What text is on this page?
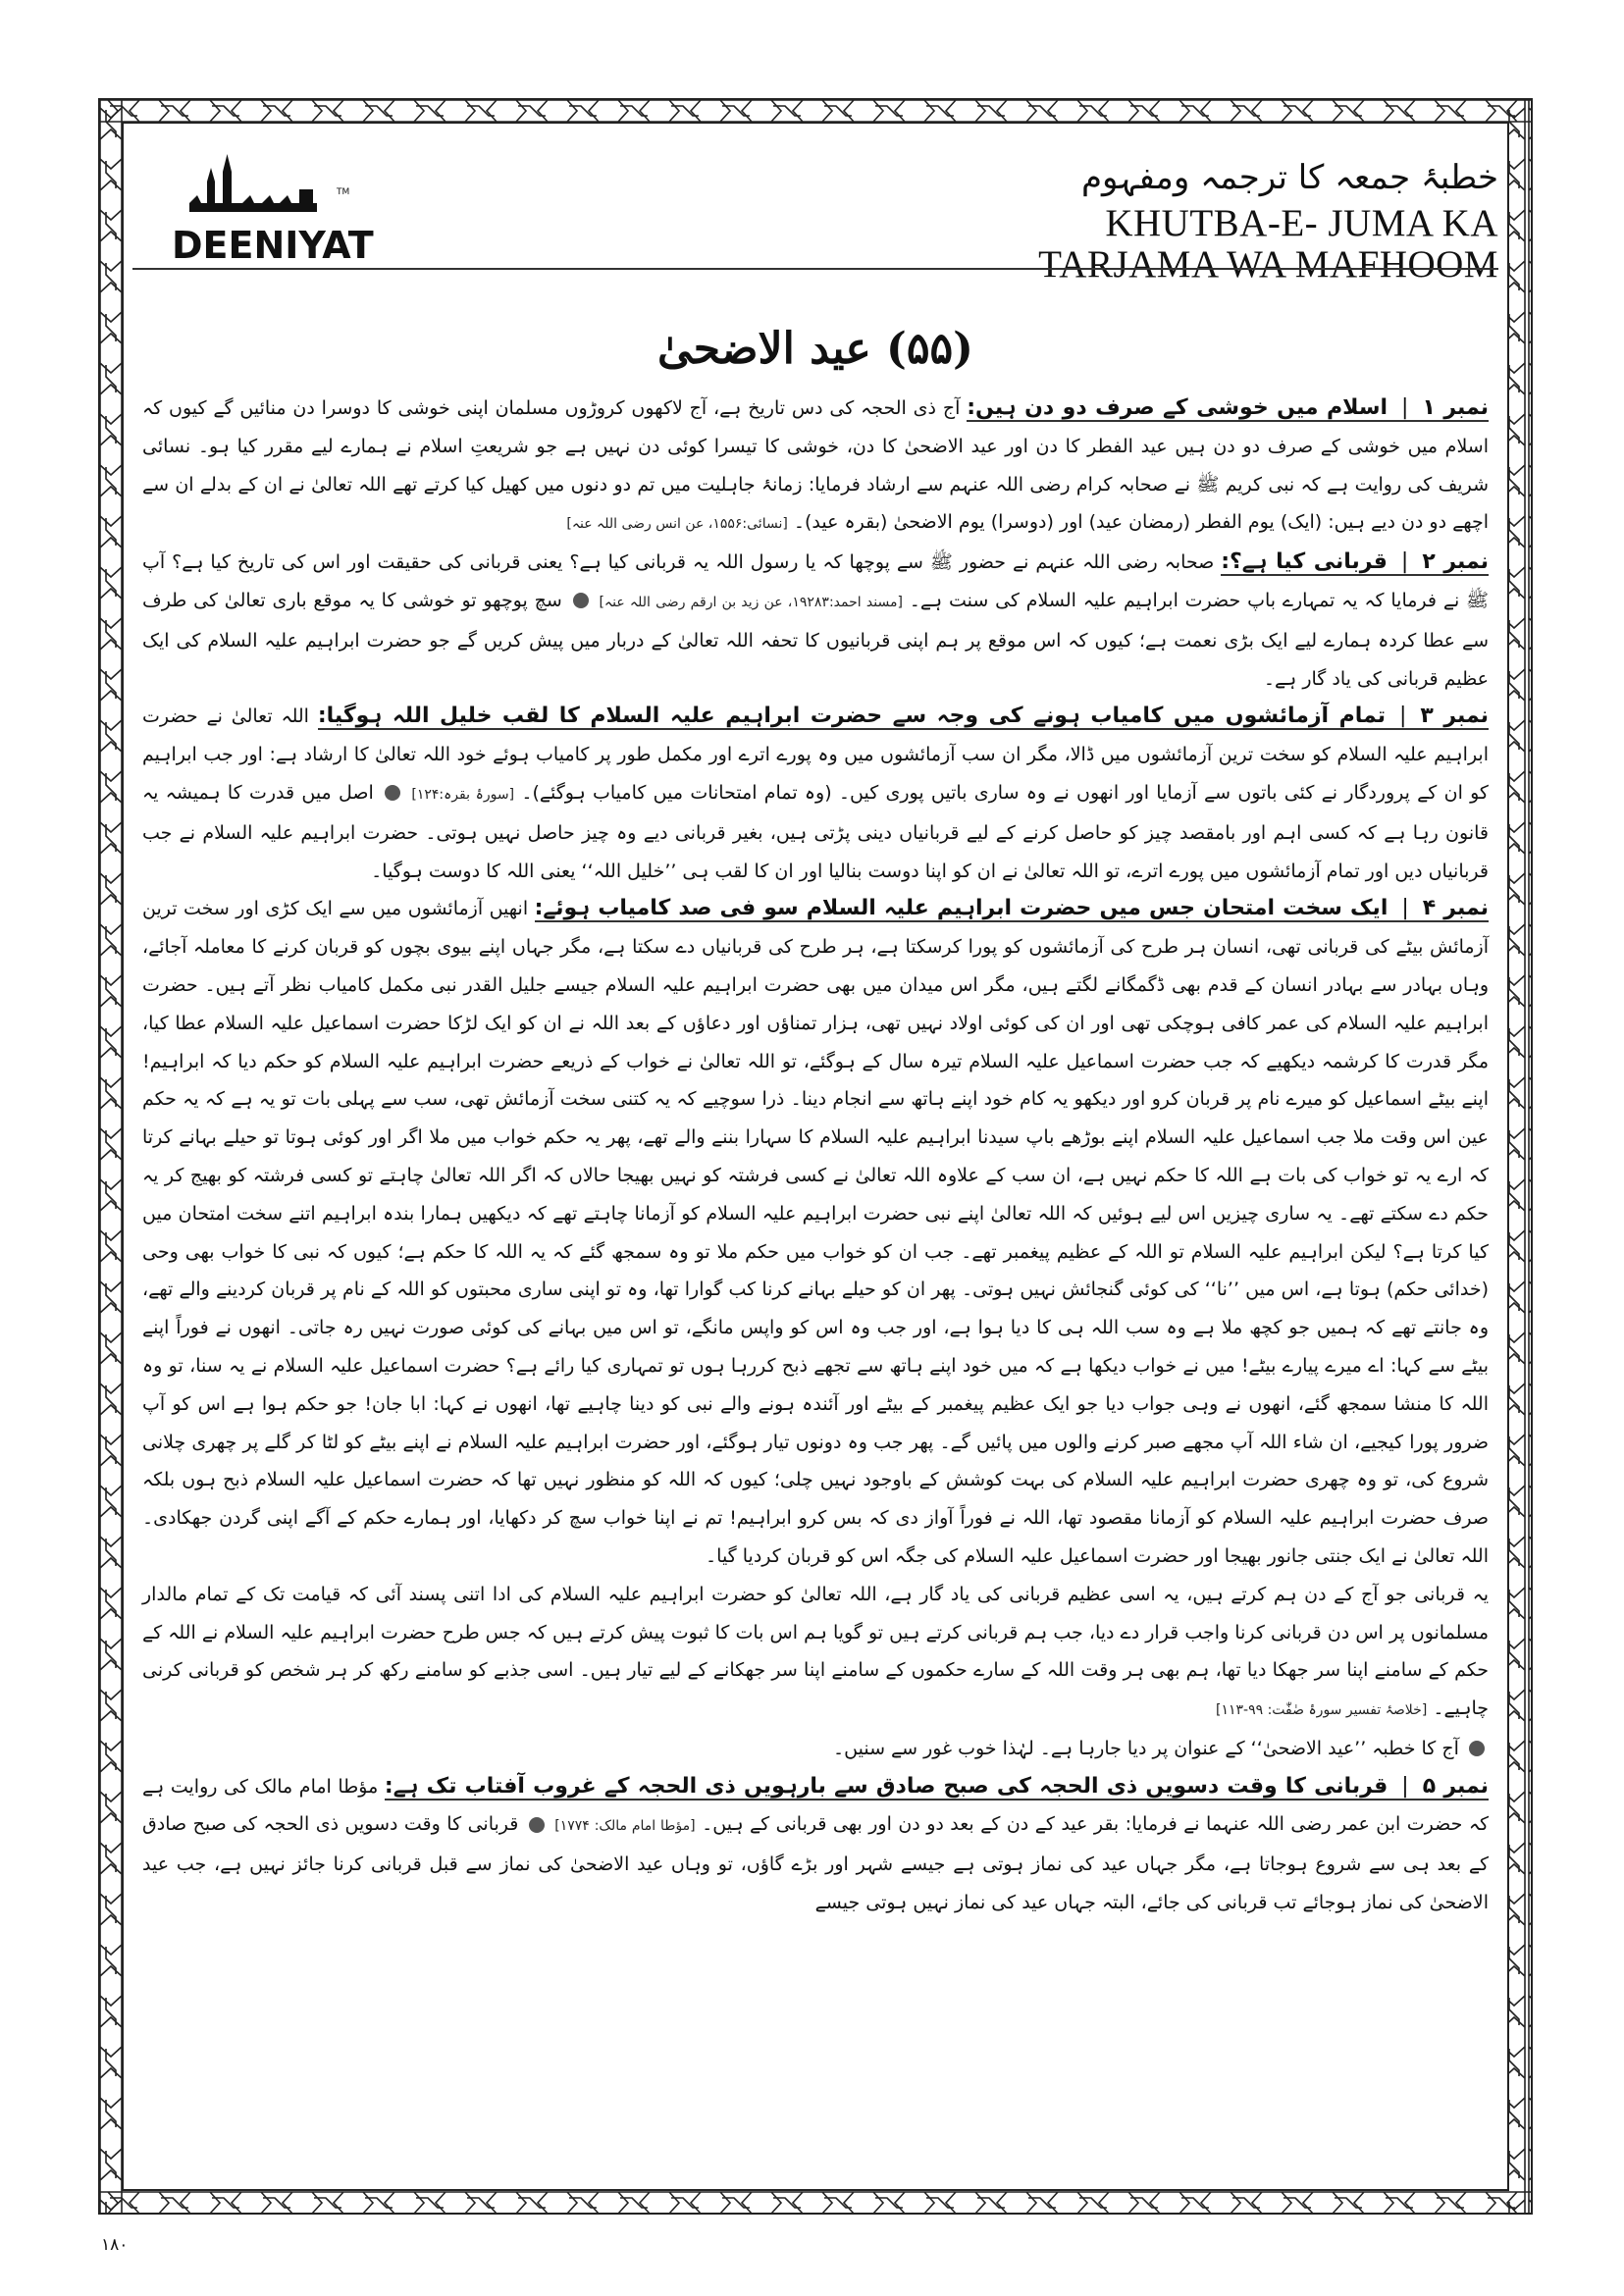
TM
DEENIYAT
خطبۂ جمعہ کا ترجمہ ومفہوم
KHUTBA-E- JUMA KA
TARJAMA WA MAFHOOM
(۵۵) عید الاضحیٰ

نمبر ۱|اسلام میں خوشی کے صرف دو دن ہیں: آج ذی الحجہ کی دس تاریخ ہے، آج لاکھوں کروڑوں مسلمان اپنی خوشی کا دوسرا دن منائیں گے کیوں کہ اسلام میں خوشی کے صرف دو دن ہیں عید الفطر کا دن اور عید الاضحیٰ کا دن، خوشی کا تیسرا کوئی دن نہیں ہے جو شریعتِ اسلام نے ہمارے لیے مقرر کیا ہو۔ نسائی شریف کی روایت ہے کہ نبی کریم ﷺ نے صحابہ کرام رضی اللہ عنہم سے ارشاد فرمایا: زمانۂ جاہلیت میں تم دو دنوں میں کھیل کیا کرتے تھے اللہ تعالیٰ نے ان کے بدلے ان سے اچھے دو دن دیے ہیں: (ایک) یوم الفطر (رمضان عید) اور (دوسرا) یوم الاضحیٰ (بقرہ عید)۔ [نسائی:۱۵۵۶، عن انس رضی اللہ عنہ]

نمبر ۲|قربانی کیا ہے؟: صحابہ رضی اللہ عنہم نے حضور ﷺ سے پوچھا کہ یا رسول اللہ یہ قربانی کیا ہے؟ یعنی قربانی کی حقیقت اور اس کی تاریخ کیا ہے؟ آپ ﷺ نے فرمایا کہ یہ تمہارے باپ حضرت ابراہیم علیہ السلام کی سنت ہے۔ [مسند احمد:۱۹۲۸۳، عن زید بن ارقم رضی اللہ عنہ]  سچ پوچھو تو خوشی کا یہ موقع باری تعالیٰ کی طرف سے عطا کردہ ہمارے لیے ایک بڑی نعمت ہے؛ کیوں کہ اس موقع پر ہم اپنی قربانیوں کا تحفہ اللہ تعالیٰ کے دربار میں پیش کریں گے جو حضرت ابراہیم علیہ السلام کی ایک عظیم قربانی کی یاد گار ہے۔

نمبر ۳|تمام آزمائشوں میں کامیاب ہونے کی وجہ سے حضرت ابراہیم علیہ السلام کا لقب خلیل اللہ ہوگیا: اللہ تعالیٰ نے حضرت ابراہیم علیہ السلام کو سخت ترین آزمائشوں میں ڈالا، مگر ان سب آزمائشوں میں وہ پورے اترے اور مکمل طور پر کامیاب ہوئے خود اللہ تعالیٰ کا ارشاد ہے: اور جب ابراہیم کو ان کے پروردگار نے کئی باتوں سے آزمایا اور انھوں نے وہ ساری باتیں پوری کیں۔ (وہ تمام امتحانات میں کامیاب ہوگئے)۔ [سورۂ بقرہ:۱۲۴]  اصل میں قدرت کا ہمیشہ یہ قانون رہا ہے کہ کسی اہم اور بامقصد چیز کو حاصل کرنے کے لیے قربانیاں دینی پڑتی ہیں، بغیر قربانی دیے وہ چیز حاصل نہیں ہوتی۔ حضرت ابراہیم علیہ السلام نے جب قربانیاں دیں اور تمام آزمائشوں میں پورے اترے، تو اللہ تعالیٰ نے ان کو اپنا دوست بنالیا اور ان کا لقب ہی ’’خلیل اللہ‘‘ یعنی اللہ کا دوست ہوگیا۔

نمبر ۴|ایک سخت امتحان جس میں حضرت ابراہیم علیہ السلام سو فی صد کامیاب ہوئے: انھیں آزمائشوں میں سے ایک کڑی اور سخت ترین آزمائش بیٹے کی قربانی تھی، انسان ہر طرح کی آزمائشوں کو پورا کرسکتا ہے، ہر طرح کی قربانیاں دے سکتا ہے، مگر جہاں اپنے بیوی بچوں کو قربان کرنے کا معاملہ آجائے، وہاں بہادر سے بہادر انسان کے قدم بھی ڈگمگانے لگتے ہیں، مگر اس میدان میں بھی حضرت ابراہیم علیہ السلام جیسے جلیل القدر نبی مکمل کامیاب نظر آتے ہیں۔ حضرت ابراہیم علیہ السلام کی عمر کافی ہوچکی تھی اور ان کی کوئی اولاد نہیں تھی، ہزار تمناؤں اور دعاؤں کے بعد اللہ نے ان کو ایک لڑکا حضرت اسماعیل علیہ السلام عطا کیا، مگر قدرت کا کرشمہ دیکھیے کہ جب حضرت اسماعیل علیہ السلام تیرہ سال کے ہوگئے، تو اللہ تعالیٰ نے خواب کے ذریعے حضرت ابراہیم علیہ السلام کو حکم دیا کہ ابراہیم! اپنے بیٹے اسماعیل کو میرے نام پر قربان کرو اور دیکھو یہ کام خود اپنے ہاتھ سے انجام دینا۔ ذرا سوچیے کہ یہ کتنی سخت آزمائش تھی، سب سے پہلی بات تو یہ ہے کہ یہ حکم عین اس وقت ملا جب اسماعیل علیہ السلام اپنے بوڑھے باپ سیدنا ابراہیم علیہ السلام کا سہارا بننے والے تھے، پھر یہ حکم خواب میں ملا اگر اور کوئی ہوتا تو حیلے بہانے کرتا کہ ارے یہ تو خواب کی بات ہے اللہ کا حکم نہیں ہے، ان سب کے علاوہ اللہ تعالیٰ نے کسی فرشتہ کو نہیں بھیجا حالاں کہ اگر اللہ تعالیٰ چاہتے تو کسی فرشتہ کو بھیج کر یہ حکم دے سکتے تھے۔ یہ ساری چیزیں اس لیے ہوئیں کہ اللہ تعالیٰ اپنے نبی حضرت ابراہیم علیہ السلام کو آزمانا چاہتے تھے کہ دیکھیں ہمارا بندہ ابراہیم اتنے سخت امتحان میں کیا کرتا ہے؟ لیکن ابراہیم علیہ السلام تو اللہ کے عظیم پیغمبر تھے۔ جب ان کو خواب میں حکم ملا تو وہ سمجھ گئے کہ یہ اللہ کا حکم ہے؛ کیوں کہ نبی کا خواب بھی وحی (خدائی حکم) ہوتا ہے، اس میں ’’نا‘‘ کی کوئی گنجائش نہیں ہوتی۔ پھر ان کو حیلے بہانے کرنا کب گوارا تھا، وہ تو اپنی ساری محبتوں کو اللہ کے نام پر قربان کردینے والے تھے، وہ جانتے تھے کہ ہمیں جو کچھ ملا ہے وہ سب اللہ ہی کا دیا ہوا ہے، اور جب وہ اس کو واپس مانگے، تو اس میں بہانے کی کوئی صورت نہیں رہ جاتی۔ انھوں نے فوراً اپنے بیٹے سے کہا: اے میرے پیارے بیٹے! میں نے خواب دیکھا ہے کہ میں خود اپنے ہاتھ سے تجھے ذبح کررہا ہوں تو تمہاری کیا رائے ہے؟ حضرت اسماعیل علیہ السلام نے یہ سنا، تو وہ اللہ کا منشا سمجھ گئے، انھوں نے وہی جواب دیا جو ایک عظیم پیغمبر کے بیٹے اور آئندہ ہونے والے نبی کو دینا چاہیے تھا، انھوں نے کہا: ابا جان! جو حکم ہوا ہے اس کو آپ ضرور پورا کیجیے، ان شاء اللہ آپ مجھے صبر کرنے والوں میں پائیں گے۔ پھر جب وہ دونوں تیار ہوگئے، اور حضرت ابراہیم علیہ السلام نے اپنے بیٹے کو لٹا کر گلے پر چھری چلانی شروع کی، تو وہ چھری حضرت ابراہیم علیہ السلام کی بہت کوشش کے باوجود نہیں چلی؛ کیوں کہ اللہ کو منظور نہیں تھا کہ حضرت اسماعیل علیہ السلام ذبح ہوں بلکہ صرف حضرت ابراہیم علیہ السلام کو آزمانا مقصود تھا، اللہ نے فوراً آواز دی کہ بس کرو ابراہیم! تم نے اپنا خواب سچ کر دکھایا، اور ہمارے حکم کے آگے اپنی گردن جھکادی۔ اللہ تعالیٰ نے ایک جنتی جانور بھیجا اور حضرت اسماعیل علیہ السلام کی جگہ اس کو قربان کردیا گیا۔

یہ قربانی جو آج کے دن ہم کرتے ہیں، یہ اسی عظیم قربانی کی یاد گار ہے، اللہ تعالیٰ کو حضرت ابراہیم علیہ السلام کی ادا اتنی پسند آئی کہ قیامت تک کے تمام مالدار مسلمانوں پر اس دن قربانی کرنا واجب قرار دے دیا، جب ہم قربانی کرتے ہیں تو گویا ہم اس بات کا ثبوت پیش کرتے ہیں کہ جس طرح حضرت ابراہیم علیہ السلام نے اللہ کے حکم کے سامنے اپنا سر جھکا دیا تھا، ہم بھی ہر وقت اللہ کے سارے حکموں کے سامنے اپنا سر جھکانے کے لیے تیار ہیں۔ اسی جذبے کو سامنے رکھ کر ہر شخص کو قربانی کرنی چاہیے۔ [خلاصۂ تفسیر سورۂ صٰفّٰت: ۹۹-۱۱۳]

آج کا خطبہ ’’عید الاضحیٰ‘‘ کے عنوان پر دیا جارہا ہے۔ لہٰذا خوب غور سے سنیں۔

نمبر ۵|قربانی کا وقت دسویں ذی الحجہ کی صبح صادق سے بارہویں ذی الحجہ کے غروب آفتاب تک ہے: مؤطا امام مالک کی روایت ہے کہ حضرت ابن عمر رضی اللہ عنہما نے فرمایا: بقر عید کے دن کے بعد دو دن اور بھی قربانی کے ہیں۔ [مؤطا امام مالک: ۱۷۷۴]  قربانی کا وقت دسویں ذی الحجہ کی صبح صادق کے بعد ہی سے شروع ہوجاتا ہے، مگر جہاں عید کی نماز ہوتی ہے جیسے شہر اور بڑے گاؤں، تو وہاں عید الاضحیٰ کی نماز سے قبل قربانی کرنا جائز نہیں ہے، جب عید الاضحیٰ کی نماز ہوجائے تب قربانی کی جائے، البتہ جہاں عید کی نماز نہیں ہوتی جیسے

۱۸۰
